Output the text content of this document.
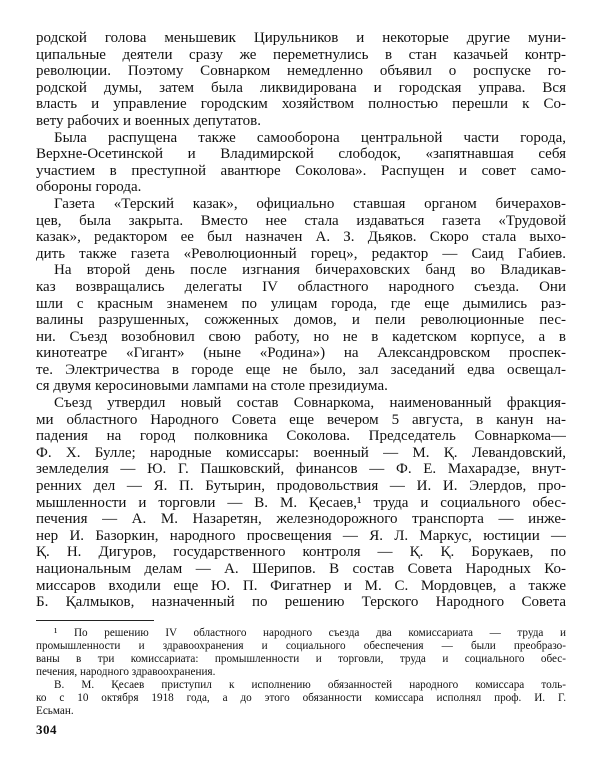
родской голова меньшевик Цирульников и некоторые другие муни-
ципальные деятели сразу же переметнулись в стан казачьей контр-
революции. Поэтому Совнарком немедленно объявил о роспуске го-
родской думы, затем была ликвидирована и городская управа. Вся
власть и управление городским хозяйством полностью перешли к Со-
вету рабочих и военных депутатов.
Была распущена также самооборона центральной части города,
Верхне-Осетинской и Владимирской слободок, «запятнавшая себя
участием в преступной авантюре Соколова». Распущен и совет само-
обороны города.
Газета «Терский казак», официально ставшая органом бичерахов-
цев, была закрыта. Вместо нее стала издаваться газета «Трудовой
казак», редактором ее был назначен А. З. Дьяков. Скоро стала выхо-
дить также газета «Революционный горец», редактор — Саид Габиев.
На второй день после изгнания бичераховских банд во Владикав-
каз возвращались делегаты IV областного народного съезда. Они
шли с красным знаменем по улицам города, где еще дымились раз-
валины разрушенных, сожженных домов, и пели революционные пес-
ни. Съезд возобновил свою работу, но не в кадетском корпусе, а в
кинотеатре «Гигант» (ныне «Родина») на Александровском проспек-
те. Электричества в городе еще не было, зал заседаний едва освещал-
ся двумя керосиновыми лампами на столе президиума.
Съезд утвердил новый состав Совнаркома, наименованный фракция-
ми областного Народного Совета еще вечером 5 августа, в канун на-
падения на город полковника Соколова. Председатель Совнаркома—
Ф. Х. Булле; народные комиссары: военный — М. Қ. Левандовский,
земледелия — Ю. Г. Пашковский, финансов — Ф. Е. Махарадзе, внут-
ренних дел — Я. П. Бутырин, продовольствия — И. И. Элердов, про-
мышленности и торговли — В. М. Қесаев,¹ труда и социального обес-
печения — А. М. Назаретян, железнодорожного транспорта — инже-
нер И. Базоркин, народного просвещения — Я. Л. Маркус, юстиции —
Қ. Н. Дигуров, государственного контроля — Қ. Қ. Борукаев, по
национальным делам — А. Шерипов. В состав Совета Народных Ко-
миссаров входили еще Ю. П. Фигатнер и М. С. Мордовцев, а также
Б. Қалмыков, назначенный по решению Терского Народного Совета
¹ По решению IV областного народного съезда два комиссариата — труда и
промышленности и здравоохранения и социального обеспечения — были преобразо-
ваны в три комиссариата: промышленности и торговли, труда и социального обес-
печения, народного здравоохранения.
В. М. Қесаев приступил к исполнению обязанностей народного комиссара толь-
ко с 10 октября 1918 года, а до этого обязанности комиссара исполнял проф. И. Г.
Есьман.
304
